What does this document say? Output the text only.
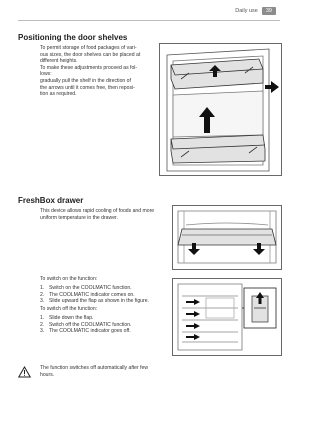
Daily use	39
Positioning the door shelves
To permit storage of food packages of vari-
ous sizes, the door shelves can be placed at
different heights.
To make these adjustments proceed as fol-
lows:
gradually pull the shelf in the direction of
the arrows until it comes free, then reposi-
tion as required.
FreshBox drawer
This device allows rapid cooling of foods and more
uniform temperature in the drawer.
To switch on the function:
1. Switch on the COOLMATIC function.
2. The COOLMATIC indicator comes on.
3. Slide upward the flap as shown in the figure.
To switch off the function:
1. Slide down the flap.
2. Switch off the COOLMATIC function.
3. The COOLMATIC indicator goes off.
The function switches off automatically after few
hours.
